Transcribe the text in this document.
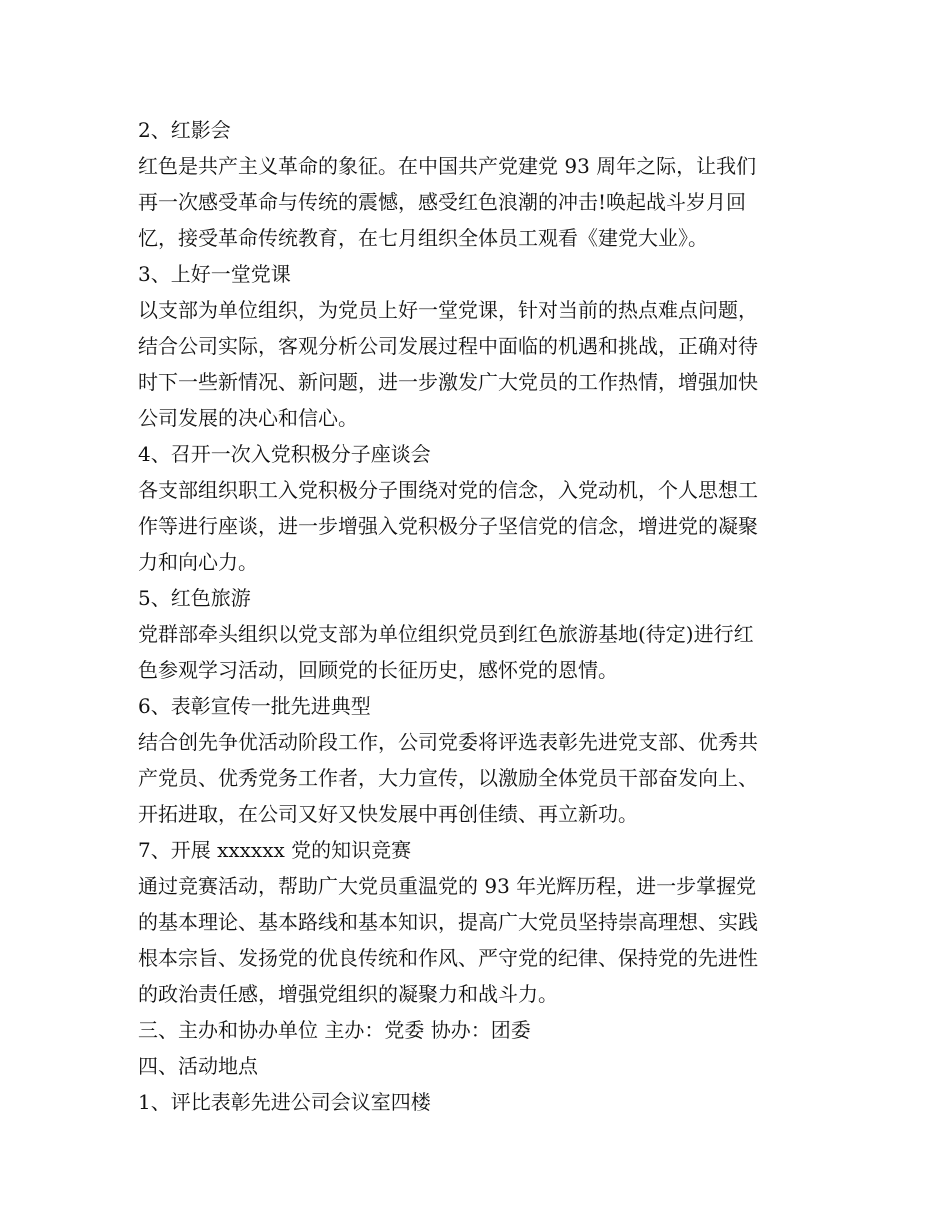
2、红影会
红色是共产主义革命的象征。在中国共产党建党 93 周年之际，让我们
再一次感受革命与传统的震憾，感受红色浪潮的冲击!唤起战斗岁月回
忆，接受革命传统教育，在七月组织全体员工观看《建党大业》。
3、上好一堂党课
以支部为单位组织，为党员上好一堂党课，针对当前的热点难点问题，
结合公司实际，客观分析公司发展过程中面临的机遇和挑战，正确对待
时下一些新情况、新问题，进一步激发广大党员的工作热情，增强加快
公司发展的决心和信心。
4、召开一次入党积极分子座谈会
各支部组织职工入党积极分子围绕对党的信念，入党动机，个人思想工
作等进行座谈，进一步增强入党积极分子坚信党的信念，增进党的凝聚
力和向心力。
5、红色旅游
党群部牵头组织以党支部为单位组织党员到红色旅游基地(待定)进行红
色参观学习活动，回顾党的长征历史，感怀党的恩情。
6、表彰宣传一批先进典型
结合创先争优活动阶段工作，公司党委将评选表彰先进党支部、优秀共
产党员、优秀党务工作者，大力宣传，以激励全体党员干部奋发向上、
开拓进取，在公司又好又快发展中再创佳绩、再立新功。
7、开展 xxxxxx 党的知识竞赛
通过竞赛活动，帮助广大党员重温党的 93 年光辉历程，进一步掌握党
的基本理论、基本路线和基本知识，提高广大党员坚持崇高理想、实践
根本宗旨、发扬党的优良传统和作风、严守党的纪律、保持党的先进性
的政治责任感，增强党组织的凝聚力和战斗力。
三、主办和协办单位 主办：党委 协办：团委
四、活动地点
1、评比表彰先进公司会议室四楼
